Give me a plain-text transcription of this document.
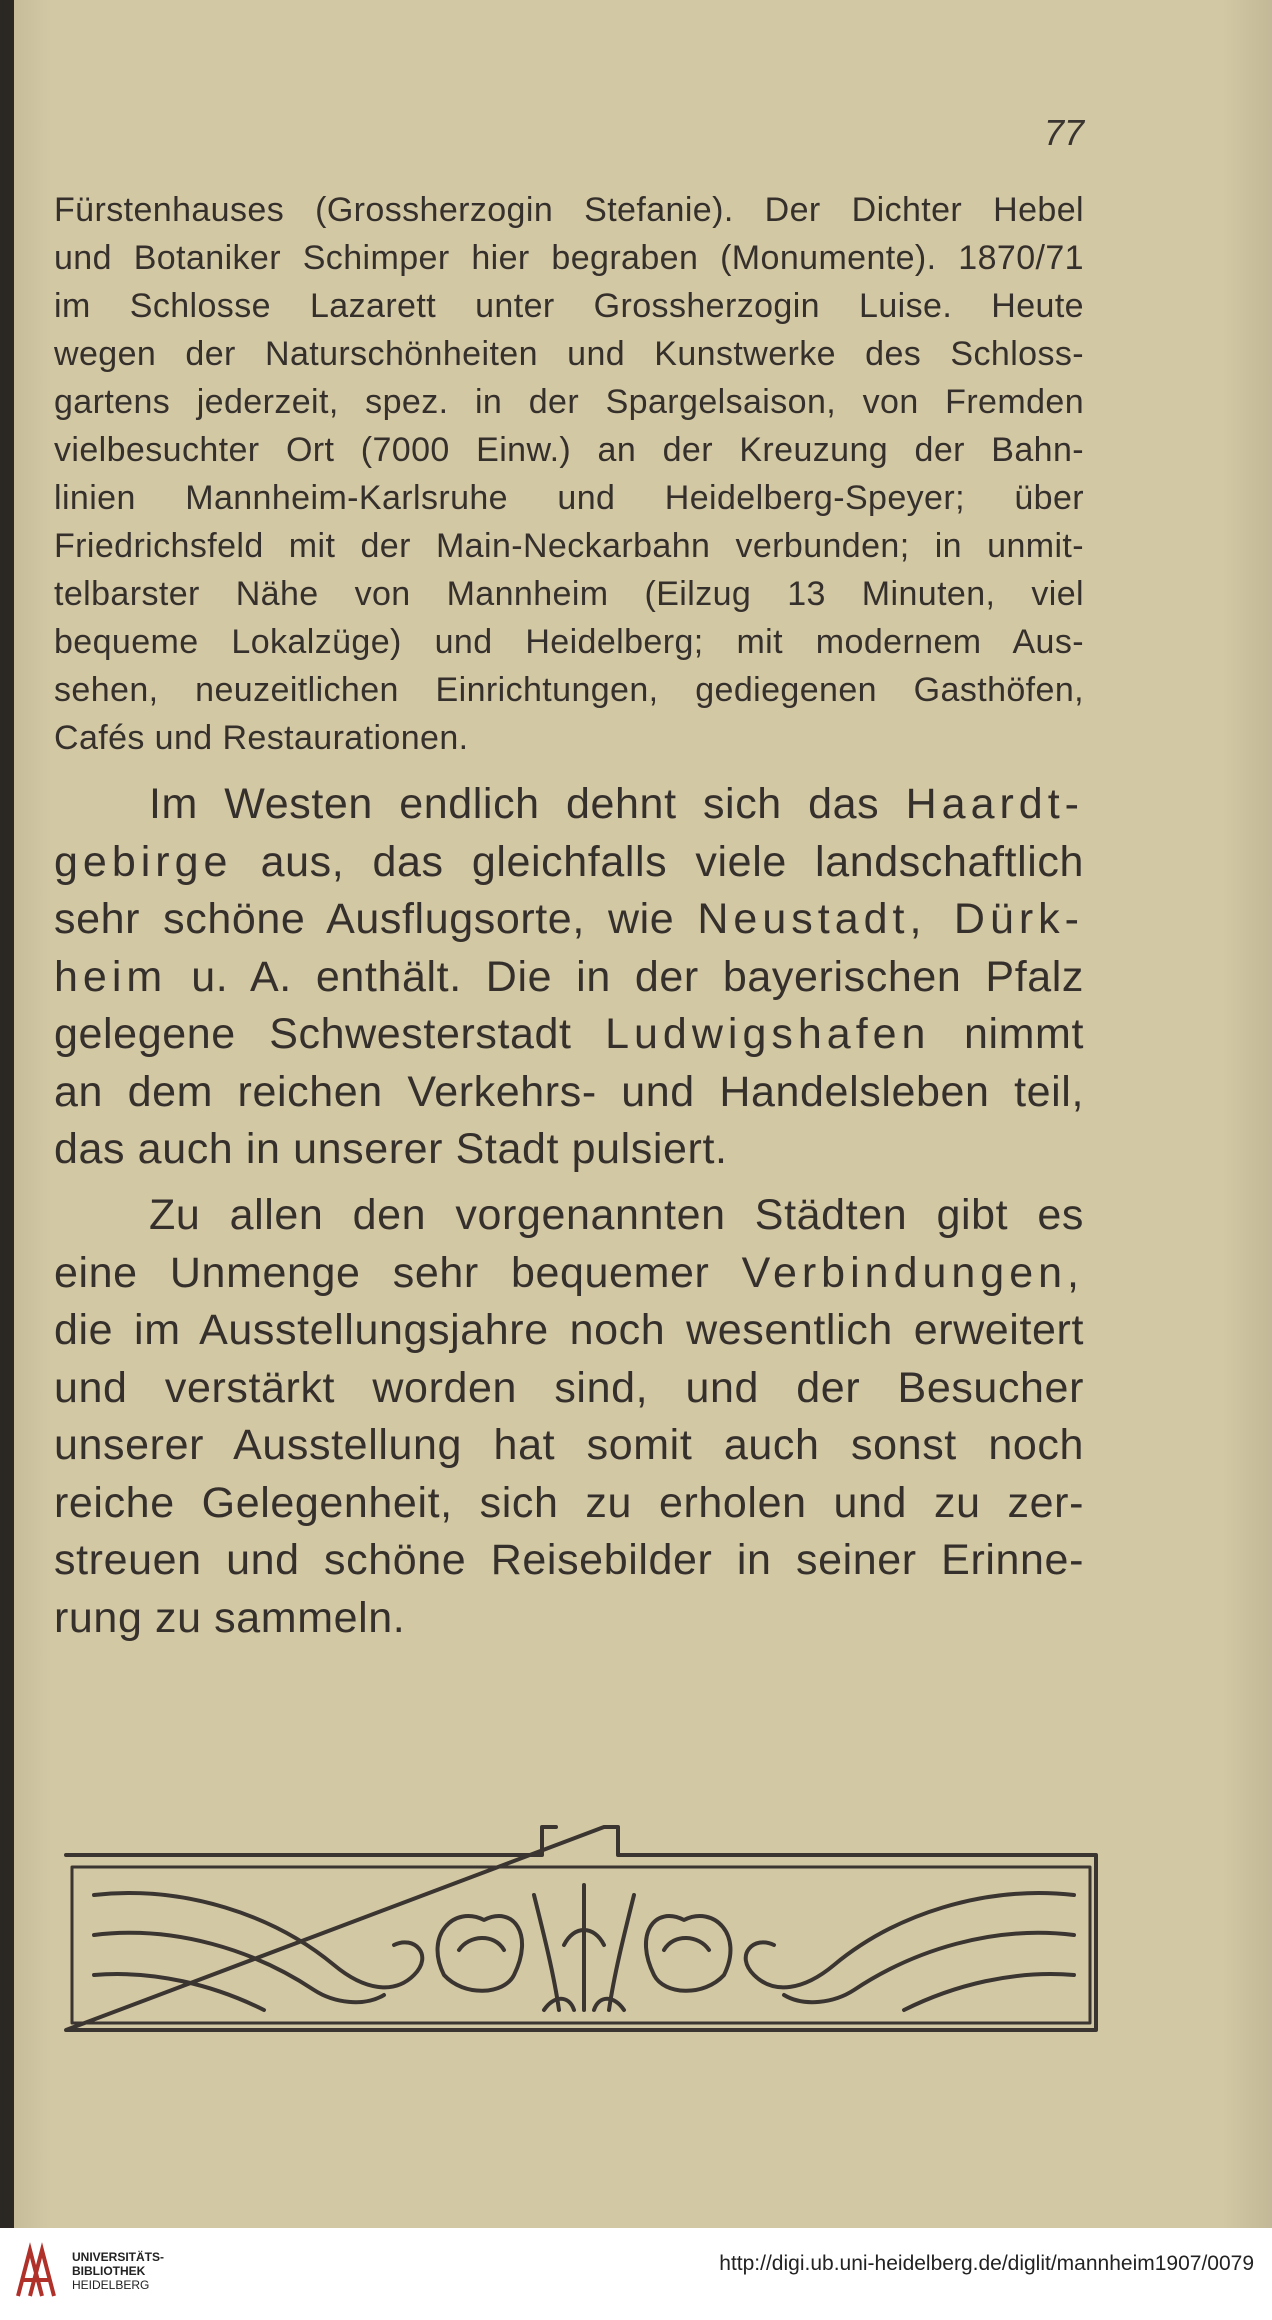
77
Fürstenhauses (Grossherzogin Stefanie). Der Dichter Hebel
und Botaniker Schimper hier begraben (Monumente). 1870/71
im Schlosse Lazarett unter Grossherzogin Luise. Heute
wegen der Naturschönheiten und Kunstwerke des Schloss-
gartens jederzeit, spez. in der Spargelsaison, von Fremden
vielbesuchter Ort (7000 Einw.) an der Kreuzung der Bahn-
linien Mannheim-Karlsruhe und Heidelberg-Speyer; über
Friedrichsfeld mit der Main-Neckarbahn verbunden; in unmit-
telbarster Nähe von Mannheim (Eilzug 13 Minuten, viel
bequeme Lokalzüge) und Heidelberg; mit modernem Aus-
sehen, neuzeitlichen Einrichtungen, gediegenen Gasthöfen,
Cafés und Restaurationen.
Im Westen endlich dehnt sich das Haardt-
gebirge aus, das gleichfalls viele landschaftlich
sehr schöne Ausflugsorte, wie Neustadt, Dürk-
heim u. A. enthält. Die in der bayerischen Pfalz
gelegene Schwesterstadt Ludwigshafen nimmt
an dem reichen Verkehrs- und Handelsleben teil,
das auch in unserer Stadt pulsiert.
Zu allen den vorgenannten Städten gibt es
eine Unmenge sehr bequemer Verbindungen,
die im Ausstellungsjahre noch wesentlich erweitert
und verstärkt worden sind, und der Besucher
unserer Ausstellung hat somit auch sonst noch
reiche Gelegenheit, sich zu erholen und zu zer-
streuen und schöne Reisebilder in seiner Erinne-
rung zu sammeln.
UNIVERSITÄTS-
BIBLIOTHEK
HEIDELBERG
http://digi.ub.uni-heidelberg.de/diglit/mannheim1907/0079
